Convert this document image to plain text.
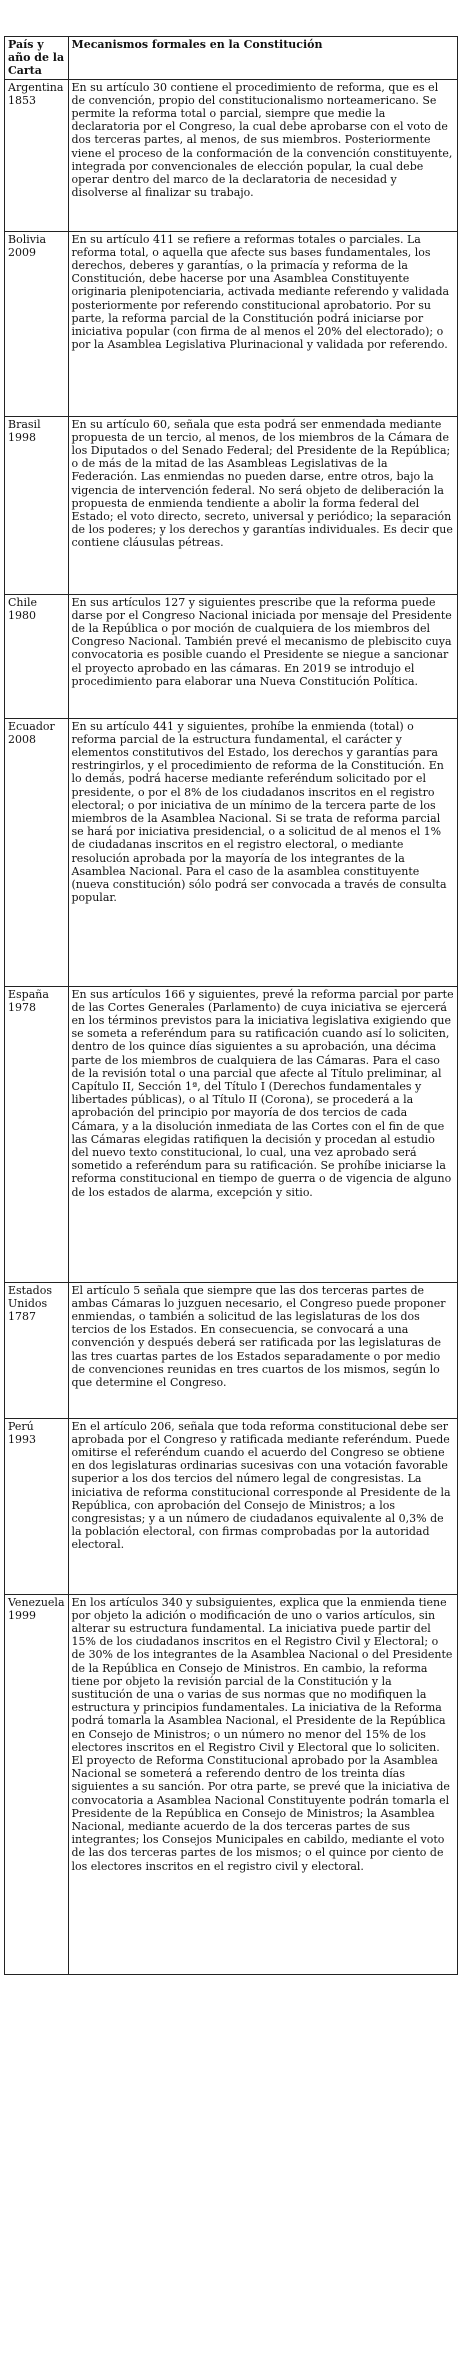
País y año de la Carta	Mecanismos formales en la Constitución

Argentina
1853	En su artículo 30 contiene el procedimiento de reforma, que es el de convención, propio del constitucionalismo norteamericano. Se permite la reforma total o parcial, siempre que medie la declaratoria por el Congreso, la cual debe aprobarse con el voto de dos terceras partes, al menos, de sus miembros. Posteriormente viene el proceso de la conformación de la convención constituyente, integrada por convencionales de elección popular, la cual debe operar dentro del marco de la declaratoria de necesidad y disolverse al finalizar su trabajo.

Bolivia
2009	En su artículo 411 se refiere a reformas totales o parciales. La reforma total, o aquella que afecte sus bases fundamentales, los derechos, deberes y garantías, o la primacía y reforma de la Constitución, debe hacerse por una Asamblea Constituyente originaria plenipotenciaria, activada mediante referendo y validada posteriormente por referendo constitucional aprobatorio. Por su parte, la reforma parcial de la Constitución podrá iniciarse por iniciativa popular (con firma de al menos el 20% del electorado); o por la Asamblea Legislativa Plurinacional y validada por referendo.

Brasil
1998	En su artículo 60, señala que esta podrá ser enmendada mediante propuesta de un tercio, al menos, de los miembros de la Cámara de los Diputados o del Senado Federal; del Presidente de la República; o de más de la mitad de las Asambleas Legislativas de la Federación. Las enmiendas no pueden darse, entre otros, bajo la vigencia de intervención federal. No será objeto de deliberación la propuesta de enmienda tendiente a abolir la forma federal del Estado; el voto directo, secreto, universal y periódico; la separación de los poderes; y los derechos y garantías individuales. Es decir que contiene cláusulas pétreas.

Chile
1980	En sus artículos 127 y siguientes prescribe que la reforma puede darse por el Congreso Nacional iniciada por mensaje del Presidente de la República o por moción de cualquiera de los miembros del Congreso Nacional. También prevé el mecanismo de plebiscito cuya convocatoria es posible cuando el Presidente se niegue a sancionar el proyecto aprobado en las cámaras. En 2019 se introdujo el procedimiento para elaborar una Nueva Constitución Política.

Ecuador
2008	En su artículo 441 y siguientes, prohíbe la enmienda (total) o reforma parcial de la estructura fundamental, el carácter y elementos constitutivos del Estado, los derechos y garantías para restringirlos, y el procedimiento de reforma de la Constitución. En lo demás, podrá hacerse mediante referéndum solicitado por el presidente, o por el 8% de los ciudadanos inscritos en el registro electoral; o por iniciativa de un mínimo de la tercera parte de los miembros de la Asamblea Nacional. Si se trata de reforma parcial se hará por iniciativa presidencial, o a solicitud de al menos el 1% de ciudadanas inscritos en el registro electoral, o mediante resolución aprobada por la mayoría de los integrantes de la Asamblea Nacional. Para el caso de la asamblea constituyente (nueva constitución) sólo podrá ser convocada a través de consulta popular.

España
1978	En sus artículos 166 y siguientes, prevé la reforma parcial por parte de las Cortes Generales (Parlamento) de cuya iniciativa se ejercerá en los términos previstos para la iniciativa legislativa exigiendo que se someta a referéndum para su ratificación cuando así lo soliciten, dentro de los quince días siguientes a su aprobación, una décima parte de los miembros de cualquiera de las Cámaras. Para el caso de la revisión total o una parcial que afecte al Título preliminar, al Capítulo II, Sección 1ª, del Título I (Derechos fundamentales y libertades públicas), o al Título II (Corona), se procederá a la aprobación del principio por mayoría de dos tercios de cada Cámara, y a la disolución inmediata de las Cortes con el fin de que las Cámaras elegidas ratifiquen la decisión y procedan al estudio del nuevo texto constitucional, lo cual, una vez aprobado será sometido a referéndum para su ratificación. Se prohíbe iniciarse la reforma constitucional en tiempo de guerra o de vigencia de alguno de los estados de alarma, excepción y sitio.

Estados Unidos
1787	El artículo 5 señala que siempre que las dos terceras partes de ambas Cámaras lo juzguen necesario, el Congreso puede proponer enmiendas, o también a solicitud de las legislaturas de los dos tercios de los Estados. En consecuencia, se convocará a una convención y después deberá ser ratificada por las legislaturas de las tres cuartas partes de los Estados separadamente o por medio de convenciones reunidas en tres cuartos de los mismos, según lo que determine el Congreso.

Perú
1993	En el artículo 206, señala que toda reforma constitucional debe ser aprobada por el Congreso y ratificada mediante referéndum. Puede omitirse el referéndum cuando el acuerdo del Congreso se obtiene en dos legislaturas ordinarias sucesivas con una votación favorable superior a los dos tercios del número legal de congresistas. La iniciativa de reforma constitucional corresponde al Presidente de la República, con aprobación del Consejo de Ministros; a los congresistas; y a un número de ciudadanos equivalente al 0,3% de la población electoral, con firmas comprobadas por la autoridad electoral.

Venezuela
1999	En los artículos 340 y subsiguientes, explica que la enmienda tiene por objeto la adición o modificación de uno o varios artículos, sin alterar su estructura fundamental. La iniciativa puede partir del 15% de los ciudadanos inscritos en el Registro Civil y Electoral; o de 30% de los integrantes de la Asamblea Nacional o del Presidente de la República en Consejo de Ministros. En cambio, la reforma tiene por objeto la revisión parcial de la Constitución y la sustitución de una o varias de sus normas que no modifiquen la estructura y principios fundamentales. La iniciativa de la Reforma podrá tomarla la Asamblea Nacional, el Presidente de la República en Consejo de Ministros; o un número no menor del 15% de los electores inscritos en el Registro Civil y Electoral que lo soliciten. El proyecto de Reforma Constitucional aprobado por la Asamblea Nacional se someterá a referendo dentro de los treinta días siguientes a su sanción. Por otra parte, se prevé que la iniciativa de convocatoria a Asamblea Nacional Constituyente podrán tomarla el Presidente de la República en Consejo de Ministros; la Asamblea Nacional, mediante acuerdo de la dos terceras partes de sus integrantes; los Consejos Municipales en cabildo, mediante el voto de las dos terceras partes de los mismos; o el quince por ciento de los electores inscritos en el registro civil y electoral.
